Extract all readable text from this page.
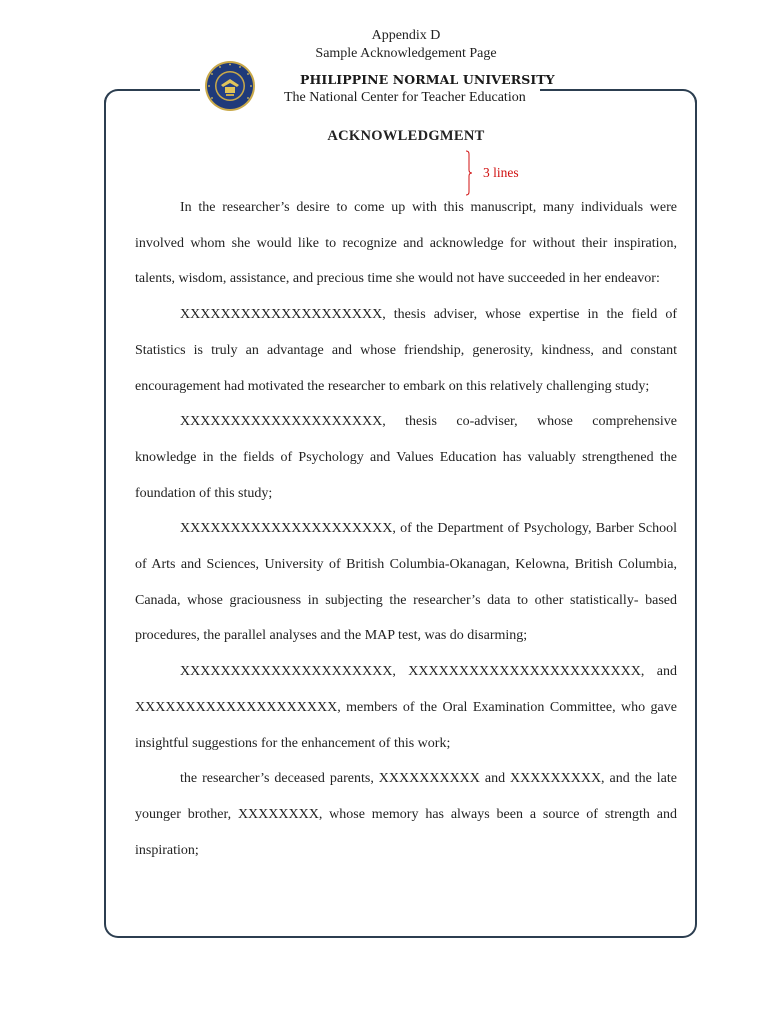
Appendix D
Sample Acknowledgement Page
PHILIPPINE NORMAL UNIVERSITY
The National Center for Teacher Education
ACKNOWLEDGMENT
3 lines

In the researcher’s desire to come up with this manuscript, many individuals were involved whom she would like to recognize and acknowledge for without their inspiration, talents, wisdom, assistance, and precious time she would not have succeeded in her endeavor:

XXXXXXXXXXXXXXXXXXXX, thesis adviser, whose expertise in the field of Statistics is truly an advantage and whose friendship, generosity, kindness, and constant encouragement had motivated the researcher to embark on this relatively challenging study;

XXXXXXXXXXXXXXXXXXXX, thesis co-adviser, whose comprehensive knowledge in the fields of Psychology and Values Education has valuably strengthened the foundation of this study;

XXXXXXXXXXXXXXXXXXXXX, of the Department of Psychology, Barber School of Arts and Sciences, University of British Columbia-Okanagan, Kelowna, British Columbia, Canada, whose graciousness in subjecting the researcher’s data to other statistically- based procedures, the parallel analyses and the MAP test, was do disarming;

XXXXXXXXXXXXXXXXXXXXX, XXXXXXXXXXXXXXXXXXXXXXX, and XXXXXXXXXXXXXXXXXXXX, members of the Oral Examination Committee, who gave insightful suggestions for the enhancement of this work;

the researcher’s deceased parents, XXXXXXXXXX and XXXXXXXXX, and the late younger brother, XXXXXXXX, whose memory has always been a source of strength and inspiration;
